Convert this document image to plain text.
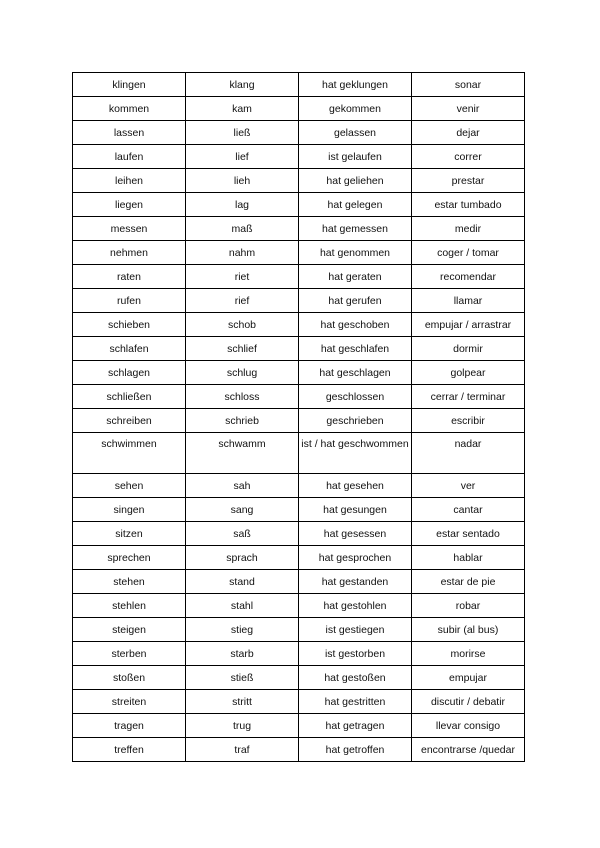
klingen	klang	hat geklungen	sonar
kommen	kam	gekommen	venir
lassen	ließ	gelassen	dejar
laufen	lief	ist gelaufen	correr
leihen	lieh	hat geliehen	prestar
liegen	lag	hat gelegen	estar tumbado
messen	maß	hat gemessen	medir
nehmen	nahm	hat genommen	coger / tomar
raten	riet	hat geraten	recomendar
rufen	rief	hat gerufen	llamar
schieben	schob	hat geschoben	empujar / arrastrar
schlafen	schlief	hat geschlafen	dormir
schlagen	schlug	hat geschlagen	golpear
schließen	schloss	geschlossen	cerrar / terminar
schreiben	schrieb	geschrieben	escribir
schwimmen	schwamm	ist / hat geschwommen	nadar
sehen	sah	hat gesehen	ver
singen	sang	hat gesungen	cantar
sitzen	saß	hat gesessen	estar sentado
sprechen	sprach	hat gesprochen	hablar
stehen	stand	hat gestanden	estar de pie
stehlen	stahl	hat gestohlen	robar
steigen	stieg	ist gestiegen	subir (al bus)
sterben	starb	ist gestorben	morirse
stoßen	stieß	hat gestoßen	empujar
streiten	stritt	hat gestritten	discutir / debatir
tragen	trug	hat getragen	llevar consigo
treffen	traf	hat getroffen	encontrarse /quedar
